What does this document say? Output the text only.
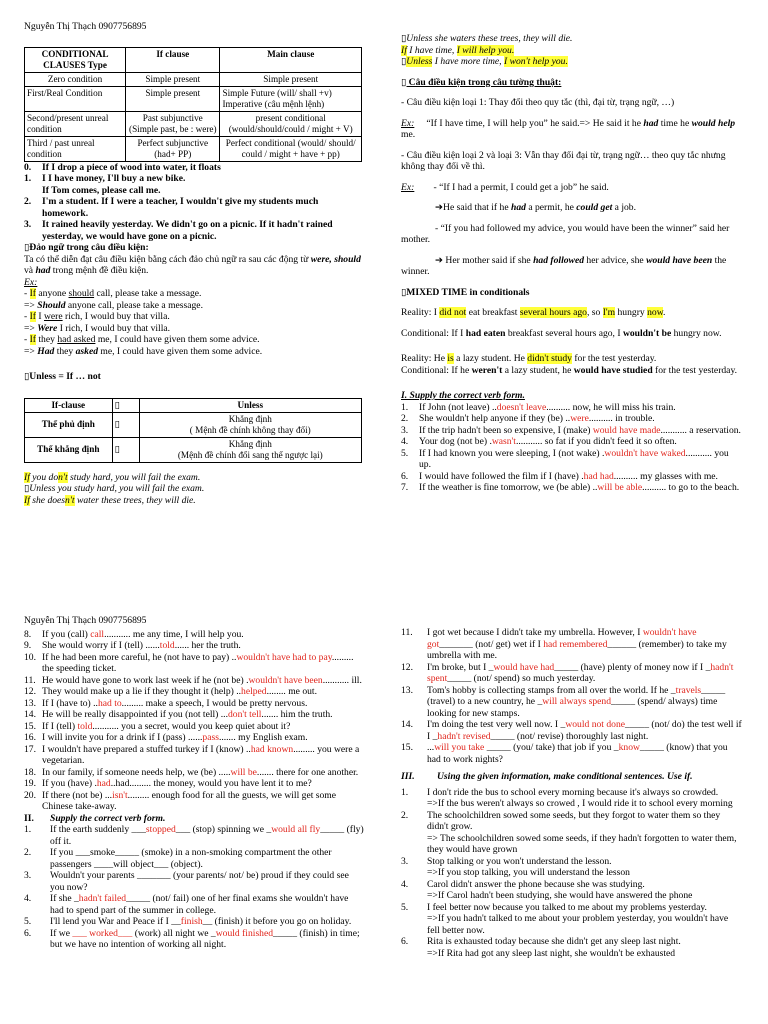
Nguyễn Thị Thạch 0907756895
CONDITIONAL CLAUSES Type	If clause	Main clause
Zero condition	Simple present	Simple present
First/Real Condition	Simple present	Simple Future (will/ shall +v) Imperative (câu mệnh lệnh)
Second/present unreal condition	Past subjunctive (Simple past, be : were)	present conditional (would/should/could / might + V)
Third / past unreal condition	Perfect subjunctive (had+ PP)	Perfect conditional (would/ should/ could / might + have + pp)
0.	If I drop a piece of wood into water, it floats
1.	I I have money, I'll buy a new bike.
If Tom comes, please call me.
2.	I'm a student. If I were a teacher, I wouldn't give my students much homework.
3.	It rained heavily yesterday. We didn't go on a picnic. If it hadn't rained yesterday, we would have gone on a picnic.
▯Đảo ngữ trong câu điều kiện:
Ta có thể diễn đạt câu điều kiện bằng cách đảo chủ ngữ ra sau các động từ were, should và had trong mệnh đề điều kiện.
Ex:
- If anyone should call, please take a message.
=> Should anyone call, please take a message.
- If I were rich, I would buy that villa.
=> Were I rich, I would buy that villa.
- If they had asked me, I could have given them some advice.
=> Had they asked me, I could have given them some advice.
▯Unless = If … not
If-clause	▯	Unless
Thể phủ định	▯	Khẳng định
( Mệnh đề chính không thay đổi)
Thể khẳng định	▯	Khẳng định
(Mệnh đề chính đổi sang thể ngược lại)
If you don't study hard, you will fail the exam.
▯Unless you study hard, you will fail the exam.
If she doesn't water these trees, they will die.
▯Unless she waters these trees, they will die.
If I have time, I will help you.
▯Unless I have more time, I won't help you.
▯ Câu điều kiện trong câu tường thuật:
- Câu điều kiện loại 1: Thay đổi theo quy tắc (thì, đại từ, trạng ngữ, …)
Ex: “If I have time, I will help you” he said.=> He said it he had time he would help me.
- Câu điều kiện loại 2 và loại 3: Vẫn thay đổi đại từ, trạng ngữ… theo quy tắc nhưng không thay đổi về thì.
Ex: - “If I had a permit, I could get a job” he said.
➔He said that if he had a permit, he could get a job.
- “If you had followed my advice, you would have been the winner” said her mother.
➔ Her mother said if she had followed her advice, she would have been the winner.
▯MIXED TIME in conditionals
Reality: I did not eat breakfast several hours ago, so I'm hungry now.
Conditional: If I had eaten breakfast several hours ago, I wouldn't be hungry now.
Reality: He is a lazy student. He didn't study for the test yesterday.
Conditional: If he weren't a lazy student, he would have studied for the test yesterday.
I. Supply the correct verb form.
1.	If John (not leave) ..doesn't leave.......... now, he will miss his train.
2.	She wouldn't help anyone if they (be) ..were.......... in trouble.
3.	If the trip hadn't been so expensive, I (make) would have made........... a reservation.
4.	Your dog (not be) .wasn't........... so fat if you didn't feed it so often.
5.	If I had known you were sleeping, I (not wake) .wouldn't have waked........... you up.
6.	I would have followed the film if I (have) .had had.......... my glasses with me.
7.	If the weather is fine tomorrow, we (be able) ..will be able.......... to go to the beach.
Nguyễn Thị Thạch 0907756895
8.	If you (call) call........... me any time, I will help you.
9.	She would worry if I (tell) ......told...... her the truth.
10. If he had been more careful, he (not have to pay) ..wouldn't have had to pay......... the speeding ticket.
11. He would have gone to work last week if he (not be) .wouldn't have been........... ill.
12. They would make up a lie if they thought it (help) ..helped........ me out.
13. If I (have to) ..had to......... make a speech, I would be pretty nervous.
14. He will be really disappointed if you (not tell) ...don't tell....... him the truth.
15. If I (tell) told........... you a secret, would you keep quiet about it?
16. I will invite you for a drink if I (pass) ......pass....... my English exam.
17. I wouldn't have prepared a stuffed turkey if I (know) ..had known......... you were a vegetarian.
18. In our family, if someone needs help, we (be) .....will be....... there for one another.
19. If you (have) .had..had......... the money, would you have lent it to me?
20. If there (not be) ...isn't......... enough food for all the guests, we will get some Chinese take-away.
II.	Supply the correct verb form.
1.	If the earth suddenly ___stopped___ (stop) spinning we _would all fly_____ (fly) off it.
2.	If you ___smoke_____ (smoke) in a non-smoking compartment the other passengers ____will object___ (object).
3.	Wouldn't your parents _______ (your parents/ not/ be) proud if they could see you now?
4.	If she _hadn't failed_____ (not/ fail) one of her final exams she wouldn't have had to spend part of the summer in college.
5.	I'll lend you War and Peace if I __finish__ (finish) it before you go on holiday.
6.	If we ___ worked___ (work) all night we _would finished_____ (finish) in time; but we have no intention of working all night.
11.	I got wet because I didn't take my umbrella. However, I wouldn't have got_______ (not/ get) wet if I had remembered______ (remember) to take my umbrella with me.
12.	I'm broke, but I _would have had_____ (have) plenty of money now if I _hadn't spent_____ (not/ spend) so much yesterday.
13.	Tom's hobby is collecting stamps from all over the world. If he _travels_____ (travel) to a new country, he _will always spend_____ (spend/ always) time looking for new stamps.
14.	I'm doing the test very well now. I _would not done_____ (not/ do) the test well if I _hadn't revised_____ (not/ revise) thoroughly last night.
15.	...will you take _____ (you/ take) that job if you _know_____ (know) that you had to work nights?
III.	Using the given information, make conditional sentences. Use if.
1.	I don't ride the bus to school every morning because it's always so crowded.
=>If the bus weren't always so crowed , I would ride it to school every morning
2.	The schoolchildren sowed some seeds, but they forgot to water them so they didn't grow.
=> The schoolchildren sowed some seeds, if they hadn't forgotten to water them, they would have grown
3.	Stop talking or you won't understand the lesson.
=>If you stop talking, you will understand the lesson
4.	Carol didn't answer the phone because she was studying.
=>If Carol hadn't been studying, she would have answered the phone
5.	I feel better now because you talked to me about my problems yesterday.
=>If you hadn't talked to me about your problem yesterday, you wouldn't have fell better now.
6.	Rita is exhausted today because she didn't get any sleep last night.
=>If Rita had got any sleep last night, she wouldn't be exhausted
